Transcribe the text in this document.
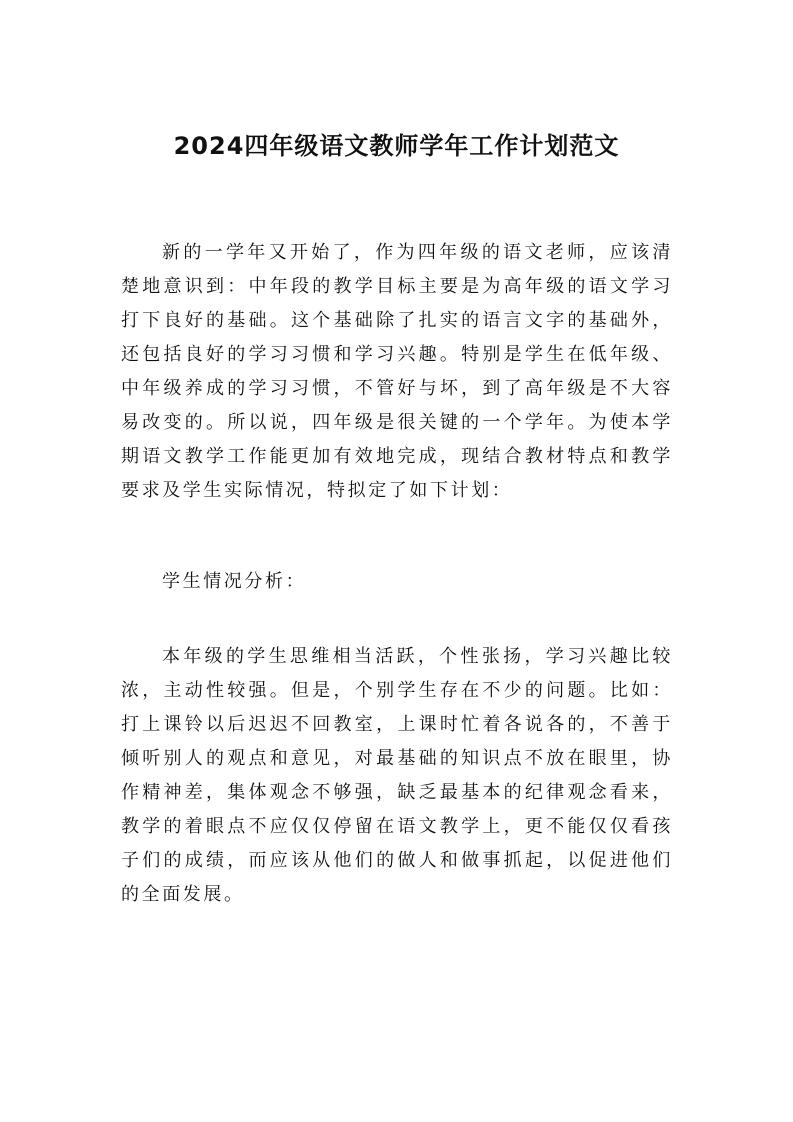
2024四年级语文教师学年工作计划范文

新的一学年又开始了，作为四年级的语文老师，应该清楚地意识到：中年段的教学目标主要是为高年级的语文学习打下良好的基础。这个基础除了扎实的语言文字的基础外，还包括良好的学习习惯和学习兴趣。特别是学生在低年级、中年级养成的学习习惯，不管好与坏，到了高年级是不大容易改变的。所以说，四年级是很关键的一个学年。为使本学期语文教学工作能更加有效地完成，现结合教材特点和教学要求及学生实际情况，特拟定了如下计划：

学生情况分析：

本年级的学生思维相当活跃，个性张扬，学习兴趣比较浓，主动性较强。但是，个别学生存在不少的问题。比如：打上课铃以后迟迟不回教室，上课时忙着各说各的，不善于倾听别人的观点和意见，对最基础的知识点不放在眼里，协作精神差，集体观念不够强，缺乏最基本的纪律观念看来，教学的着眼点不应仅仅停留在语文教学上，更不能仅仅看孩子们的成绩，而应该从他们的做人和做事抓起，以促进他们的全面发展。
